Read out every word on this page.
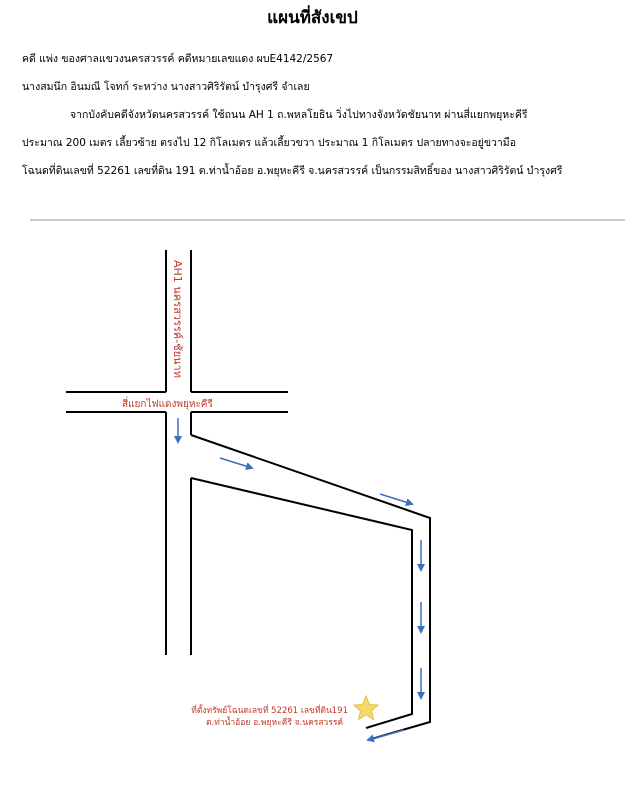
แผนที่สังเขป
คดี แพ่ง ของศาลแขวงนครสวรรค์ คดีหมายเลขแดง ผบE4142/2567
นางสมนึก อินมณี โจทก์ ระหว่าง นางสาวศิริรัตน์ บำรุงศรี จำเลย
จากบังคับคดีจังหวัดนครสวรรค์ ใช้ถนน AH 1 ถ.พหลโยธิน วิ่งไปทางจังหวัดชัยนาท ผ่านสี่แยกพยุหะคีรี
ประมาณ 200 เมตร เลี้ยวซ้าย ตรงไป 12 กิโลเมตร แล้วเลี้ยวขวา ประมาณ 1 กิโลเมตร ปลายทางจะอยู่ขวามือ
โฉนดที่ดินเลขที่ 52261 เลขที่ดิน 191 ต.ท่าน้ำอ้อย อ.พยุหะคีรี จ.นครสวรรค์ เป็นกรรมสิทธิ์ของ นางสาวศิริรัตน์ บำรุงศรี
AH1 นครสวรรค์-ชัยนาท
สี่แยกไฟแดงพยุหะคีรี
ที่ตั้งทรัพย์โฉนดเลขที่ 52261 เลขที่ดิน191
ต.ท่าน้ำอ้อย อ.พยุหะคีรี จ.นครสวรรค์
